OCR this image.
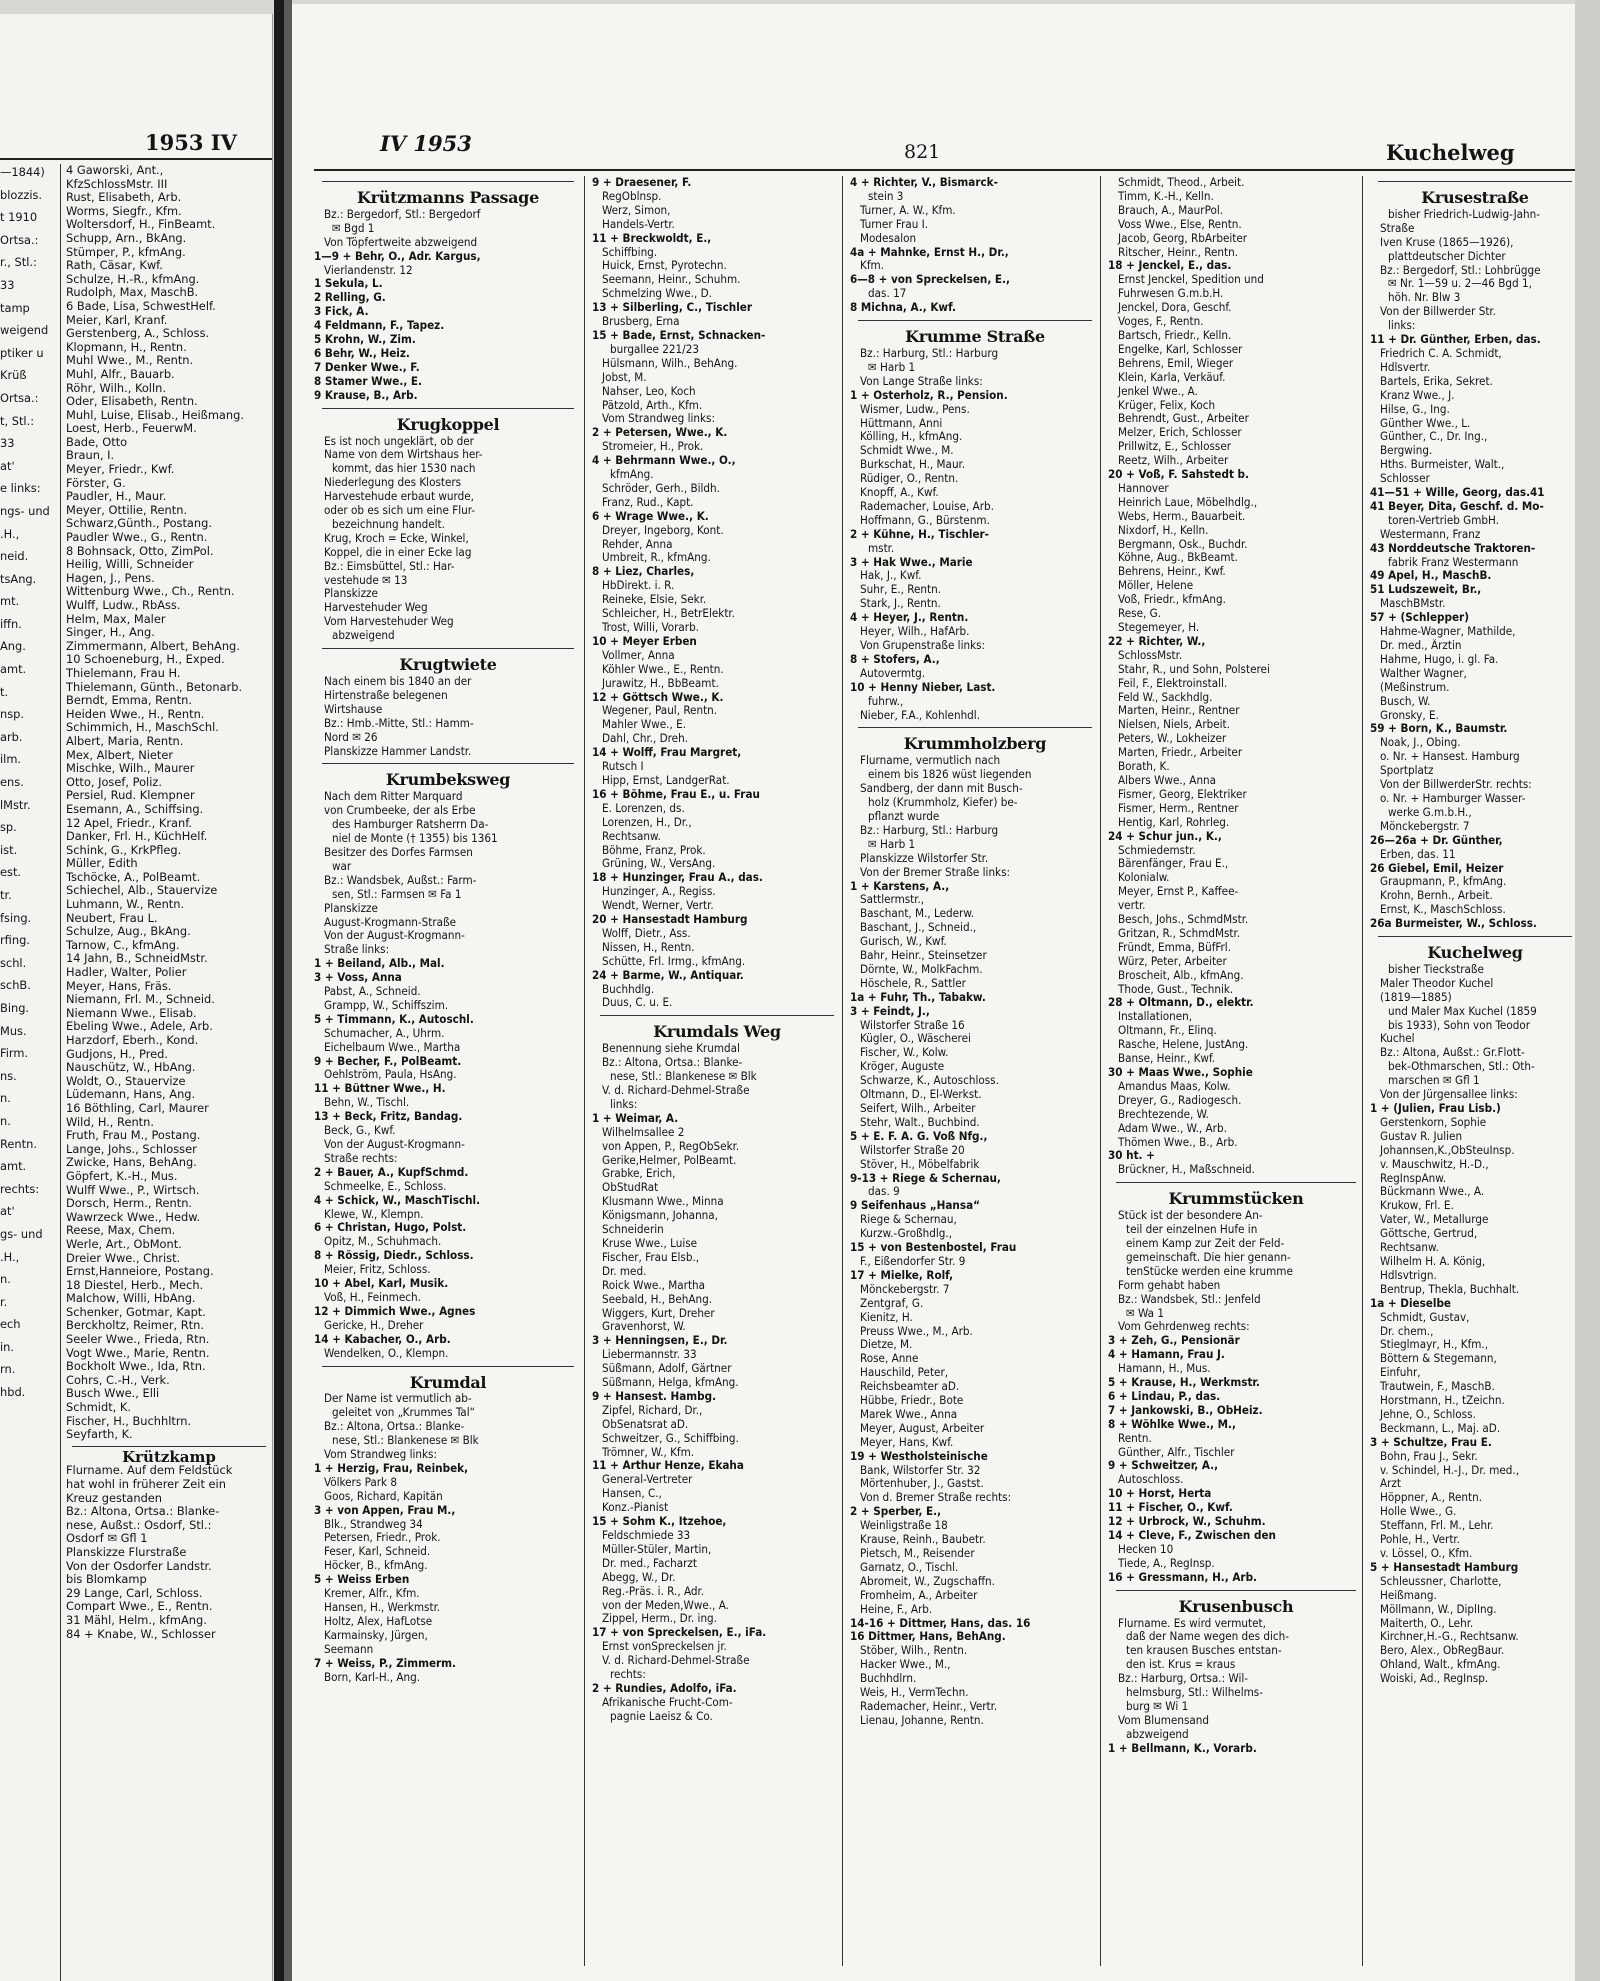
1953 IV
—1844)
blozzis.
t 1910
Ortsa.:
r., Stl.:
33
tamp
weigend
ptiker u
Krüß
Ortsa.:
t, Stl.:
33
at'
e links:
ngs- und
.H.,
neid.
tsAng.
mt.
iffn.
Ang.
amt.
t.
nsp.
arb.
ilm.
ens.
lMstr.
sp.
ist.
est.
tr.
fsing.
rfing.
schl.
schB.
Bing.
Mus.
Firm.
ns.
n.
n.
Rentn.
amt.
rechts:
at'
gs- und
.H.,
n.
r.
ech
in.
rn.
hbd.
4 Gaworski, Ant.,
KfzSchlossMstr. III
Rust, Elisabeth, Arb.
Worms, Siegfr., Kfm.
Woltersdorf, H., FinBeamt.
Schupp, Arn., BkAng.
Stümper, P., kfmAng.
Rath, Cäsar, Kwf.
Schulze, H.-R., kfmAng.
Rudolph, Max, MaschB.
6 Bade, Lisa, SchwestHelf.
Meier, Karl, Kranf.
Gerstenberg, A., Schloss.
Klopmann, H., Rentn.
Muhl Wwe., M., Rentn.
Muhl, Alfr., Bauarb.
Röhr, Wilh., Kolln.
Oder, Elisabeth, Rentn.
Muhl, Luise, Elisab., Heißmang.
Loest, Herb., FeuerwM.
Bade, Otto
Braun, I.
Meyer, Friedr., Kwf.
Förster, G.
Paudler, H., Maur.
Meyer, Ottilie, Rentn.
Schwarz,Günth., Postang.
Paudler Wwe., G., Rentn.
8 Bohnsack, Otto, ZimPol.
Heilig, Willi, Schneider
Hagen, J., Pens.
Wittenburg Wwe., Ch., Rentn.
Wulff, Ludw., RbAss.
Helm, Max, Maler
Singer, H., Ang.
Zimmermann, Albert, BehAng.
10 Schoeneburg, H., Exped.
Thielemann, Frau H.
Thielemann, Günth., Betonarb.
Berndt, Emma, Rentn.
Heiden Wwe., H., Rentn.
Schimmich, H., MaschSchl.
Albert, Maria, Rentn.
Mex, Albert, Nieter
Mischke, Wilh., Maurer
Otto, Josef, Poliz.
Persiel, Rud. Klempner
Esemann, A., Schiffsing.
12 Apel, Friedr., Kranf.
Danker, Frl. H., KüchHelf.
Schink, G., KrkPfleg.
Müller, Edith
Tschöcke, A., PolBeamt.
Schiechel, Alb., Stauervize
Luhmann, W., Rentn.
Neubert, Frau L.
Schulze, Aug., BkAng.
Tarnow, C., kfmAng.
14 Jahn, B., SchneidMstr.
Hadler, Walter, Polier
Meyer, Hans, Fräs.
Niemann, Frl. M., Schneid.
Niemann Wwe., Elisab.
Ebeling Wwe., Adele, Arb.
Harzdorf, Eberh., Kond.
Gudjons, H., Pred.
Nauschütz, W., HbAng.
Woldt, O., Stauervize
Lüdemann, Hans, Ang.
16 Böthling, Carl, Maurer
Wild, H., Rentn.
Fruth, Frau M., Postang.
Lange, Johs., Schlosser
Zwicke, Hans, BehAng.
Göpfert, K.-H., Mus.
Wulff Wwe., P., Wirtsch.
Dorsch, Herm., Rentn.
Wawrzeck Wwe., Hedw.
Reese, Max, Chem.
Werle, Art., ObMont.
Dreier Wwe., Christ.
Ernst,Hanneiore, Postang.
18 Diestel, Herb., Mech.
Malchow, Willi, HbAng.
Schenker, Gotmar, Kapt.
Berckholtz, Reimer, Rtn.
Seeler Wwe., Frieda, Rtn.
Vogt Wwe., Marie, Rentn.
Bockholt Wwe., Ida, Rtn.
Cohrs, C.-H., Verk.
Busch Wwe., Elli
Schmidt, K.
Fischer, H., Buchhltrn.
Seyfarth, K.
Krützkamp
Flurname. Auf dem Feldstück
hat wohl in früherer Zeit ein
Kreuz gestanden
Bz.: Altona, Ortsa.: Blanke-
nese, Außst.: Osdorf, Stl.:
Osdorf ✉ Gfl 1
Planskizze Flurstraße
Von der Osdorfer Landstr.
bis Blomkamp
29 Lange, Carl, Schloss.
Compart Wwe., E., Rentn.
31 Mähl, Helm., kfmAng.
84 + Knabe, W., Schlosser
IV 1953	821	Kuchelweg
Krützmanns Passage
Bz.: Bergedorf, Stl.: Bergedorf
✉ Bgd 1
Von Töpfertweite abzweigend
1—9 + Behr, O., Adr. Kargus,
Vierlandenstr. 12
1 Sekula, L.
2 Relling, G.
3 Fick, A.
4 Feldmann, F., Tapez.
5 Krohn, W., Zim.
6 Behr, W., Heiz.
7 Denker Wwe., F.
8 Stamer Wwe., E.
9 Krause, B., Arb.
Krugkoppel
Es ist noch ungeklärt, ob der
Name von dem Wirtshaus her-
kommt, das hier 1530 nach
Niederlegung des Klosters
Harvestehude erbaut wurde,
oder ob es sich um eine Flur-
bezeichnung handelt.
Krug, Kroch = Ecke, Winkel,
Koppel, die in einer Ecke lag
Bz.: Eimsbüttel, Stl.: Har-
vestehude ✉ 13
Planskizze
Harvestehuder Weg
Vom Harvestehuder Weg
abzweigend
Krugtwiete
Nach einem bis 1840 an der
Hirtenstraße belegenen
Wirtshause
Bz.: Hmb.-Mitte, Stl.: Hamm-
Nord ✉ 26
Planskizze Hammer Landstr.
Krumbeksweg
Nach dem Ritter Marquard
von Crumbeeke, der als Erbe
des Hamburger Ratsherrn Da-
niel de Monte († 1355) bis 1361
Besitzer des Dorfes Farmsen
war
Bz.: Wandsbek, Außst.: Farm-
sen, Stl.: Farmsen ✉ Fa 1
Planskizze
August-Krogmann-Straße
Von der August-Krogmann-
Straße links:
1 + Beiland, Alb., Mal.
3 + Voss, Anna
Pabst, A., Schneid.
Grampp, W., Schiffszim.
5 + Timmann, K., Autoschl.
Schumacher, A., Uhrm.
Eichelbaum Wwe., Martha
9 + Becher, F., PolBeamt.
Oehlström, Paula, HsAng.
11 + Büttner Wwe., H.
Behn, W., Tischl.
13 + Beck, Fritz, Bandag.
Beck, G., Kwf.
Von der August-Krogmann-
Straße rechts:
2 + Bauer, A., KupfSchmd.
Schmeelke, E., Schloss.
4 + Schick, W., MaschTischl.
Klewe, W., Klempn.
6 + Christan, Hugo, Polst.
Opitz, M., Schuhmach.
8 + Rössig, Diedr., Schloss.
Meier, Fritz, Schloss.
10 + Abel, Karl, Musik.
Voß, H., Feinmech.
12 + Dimmich Wwe., Agnes
Gericke, H., Dreher
14 + Kabacher, O., Arb.
Wendelken, O., Klempn.
Krumdal
Der Name ist vermutlich ab-
geleitet von „Krummes Tal“
Bz.: Altona, Ortsa.: Blanke-
nese, Stl.: Blankenese ✉ Blk
Vom Strandweg links:
1 + Herzig, Frau, Reinbek,
Völkers Park 8
Goos, Richard, Kapitän
3 + von Appen, Frau M.,
Blk., Strandweg 34
Petersen, Friedr., Prok.
Feser, Karl, Schneid.
Höcker, B., kfmAng.
5 + Weiss Erben
Kremer, Alfr., Kfm.
Hansen, H., Werkmstr.
Holtz, Alex, HafLotse
Karmainsky, Jürgen,
Seemann
7 + Weiss, P., Zimmerm.
Born, Karl-H., Ang.
9 + Draesener, F.
RegOblnsp.
Werz, Simon,
Handels-Vertr.
11 + Breckwoldt, E.,
Schiffbing.
Huick, Ernst, Pyrotechn.
Seemann, Heinr., Schuhm.
Schmelzing Wwe., D.
13 + Silberling, C., Tischler
Brusberg, Erna
15 + Bade, Ernst, Schnacken-
burgallee 221/23
Hülsmann, Wilh., BehAng.
Jobst, M.
Nahser, Leo, Koch
Pätzold, Arth., Kfm.
Vom Strandweg links:
2 + Petersen, Wwe., K.
Stromeier, H., Prok.
4 + Behrmann Wwe., O.,
kfmAng.
Schröder, Gerh., Bildh.
Franz, Rud., Kapt.
6 + Wrage Wwe., K.
Dreyer, Ingeborg, Kont.
Rehder, Anna
Umbreit, R., kfmAng.
8 + Liez, Charles,
HbDirekt. i. R.
Reineke, Elsie, Sekr.
Schleicher, H., BetrElektr.
Trost, Willi, Vorarb.
10 + Meyer Erben
Vollmer, Anna
Köhler Wwe., E., Rentn.
Jurawitz, H., BbBeamt.
12 + Göttsch Wwe., K.
Wegener, Paul, Rentn.
Mahler Wwe., E.
Dahl, Chr., Dreh.
14 + Wolff, Frau Margret,
Rutsch I
Hipp, Ernst, LandgerRat.
16 + Böhme, Frau E., u. Frau
E. Lorenzen, ds.
Lorenzen, H., Dr.,
Rechtsanw.
Böhme, Franz, Prok.
Grüning, W., VersAng.
18 + Hunzinger, Frau A., das.
Hunzinger, A., Regiss.
Wendt, Werner, Vertr.
20 + Hansestadt Hamburg
Wolff, Dietr., Ass.
Nissen, H., Rentn.
Schütte, Frl. Irmg., kfmAng.
24 + Barme, W., Antiquar.
Buchhdlg.
Duus, C. u. E.
Krumdals Weg
Benennung siehe Krumdal
Bz.: Altona, Ortsa.: Blanke-
nese, Stl.: Blankenese ✉ Blk
V. d. Richard-Dehmel-Straße
links:
1 + Weimar, A.
Wilhelmsallee 2
von Appen, P., RegObSekr.
Gerike,Helmer, PolBeamt.
Grabke, Erich,
ObStudRat
Klusmann Wwe., Minna
Königsmann, Johanna,
Schneiderin
Kruse Wwe., Luise
Fischer, Frau Elsb.,
Dr. med.
Roick Wwe., Martha
Seebald, H., BehAng.
Wiggers, Kurt, Dreher
Gravenhorst, W.
3 + Henningsen, E., Dr.
Liebermannstr. 33
Süßmann, Adolf, Gärtner
Süßmann, Helga, kfmAng.
9 + Hansest. Hambg.
Zipfel, Richard, Dr.,
ObSenatsrat aD.
Schweitzer, G., Schiffbing.
Trömner, W., Kfm.
11 + Arthur Henze, Ekaha
General-Vertreter
Hansen, C.,
Konz.-Pianist
15 + Sohm K., Itzehoe,
Feldschmiede 33
Müller-Stüler, Martin,
Dr. med., Facharzt
Abegg, W., Dr.
Reg.-Präs. i. R., Adr.
von der Meden,Wwe., A.
Zippel, Herm., Dr. ing.
17 + von Spreckelsen, E., iFa.
Ernst vonSpreckelsen jr.
V. d. Richard-Dehmel-Straße
rechts:
2 + Rundies, Adolfo, iFa.
Afrikanische Frucht-Com-
pagnie Laeisz & Co.
4 + Richter, V., Bismarck-
stein 3
Turner, A. W., Kfm.
Turner Frau I.
Modesalon
4a + Mahnke, Ernst H., Dr.,
Kfm.
6—8 + von Spreckelsen, E.,
das. 17
8 Michna, A., Kwf.
Krumme Straße
Bz.: Harburg, Stl.: Harburg
✉ Harb 1
Von Lange Straße links:
1 + Osterholz, R., Pension.
Wismer, Ludw., Pens.
Hüttmann, Anni
Kölling, H., kfmAng.
Schmidt Wwe., M.
Burkschat, H., Maur.
Rüdiger, O., Rentn.
Knopff, A., Kwf.
Rademacher, Louise, Arb.
Hoffmann, G., Bürstenm.
2 + Kühne, H., Tischler-
mstr.
3 + Hak Wwe., Marie
Hak, J., Kwf.
Suhr, E., Rentn.
Stark, J., Rentn.
4 + Heyer, J., Rentn.
Heyer, Wilh., HafArb.
Von Grupenstraße links:
8 + Stofers, A.,
Autovermtg.
10 + Henny Nieber, Last.
fuhrw.,
Nieber, F.A., Kohlenhdl.
Krummholzberg
Flurname, vermutlich nach
einem bis 1826 wüst liegenden
Sandberg, der dann mit Busch-
holz (Krummholz, Kiefer) be-
pflanzt wurde
Bz.: Harburg, Stl.: Harburg
✉ Harb 1
Planskizze Wilstorfer Str.
Von der Bremer Straße links:
1 + Karstens, A.,
Sattlermstr.,
Baschant, M., Lederw.
Baschant, J., Schneid.,
Gurisch, W., Kwf.
Bahr, Heinr., Steinsetzer
Dörnte, W., MolkFachm.
Höschele, R., Sattler
1a + Fuhr, Th., Tabakw.
3 + Feindt, J.,
Wilstorfer Straße 16
Kügler, O., Wäscherei
Fischer, W., Kolw.
Kröger, Auguste
Schwarze, K., Autoschloss.
Oltmann, D., El-Werkst.
Seifert, Wilh., Arbeiter
Stehr, Walt., Buchbind.
5 + E. F. A. G. Voß Nfg.,
Wilstorfer Straße 20
Stöver, H., Möbelfabrik
9-13 + Riege & Schernau,
das. 9
9 Seifenhaus „Hansa“
Riege & Schernau,
Kurzw.-Großhdlg.,
15 + von Bestenbostel, Frau
F., Eißendorfer Str. 9
17 + Mielke, Rolf,
Mönckebergstr. 7
Zentgraf, G.
Kienitz, H.
Preuss Wwe., M., Arb.
Dietze, M.
Rose, Anne
Hauschild, Peter,
Reichsbeamter aD.
Hübbe, Friedr., Bote
Marek Wwe., Anna
Meyer, August, Arbeiter
Meyer, Hans, Kwf.
19 + Westholsteinische
Bank, Wilstorfer Str. 32
Mörtenhuber, J., Gastst.
Von d. Bremer Straße rechts:
2 + Sperber, E.,
Weinligstraße 18
Krause, Reinh., Baubetr.
Pietsch, M., Reisender
Garnatz, O., Tischl.
Abromeit, W., Zugschaffn.
Fromheim, A., Arbeiter
Heine, F., Arb.
14-16 + Dittmer, Hans, das. 16
16 Dittmer, Hans, BehAng.
Stöber, Wilh., Rentn.
Hacker Wwe., M.,
Buchhdlrn.
Weis, H., VermTechn.
Rademacher, Heinr., Vertr.
Lienau, Johanne, Rentn.
Schmidt, Theod., Arbeit.
Timm, K.-H., Kelln.
Brauch, A., MaurPol.
Voss Wwe., Else, Rentn.
Jacob, Georg, RbArbeiter
Ritscher, Heinr., Rentn.
18 + Jenckel, E., das.
Ernst Jenckel, Spedition und
Fuhrwesen G.m.b.H.
Jenckel, Dora, Geschf.
Voges, F., Rentn.
Bartsch, Friedr., Kelln.
Engelke, Karl, Schlosser
Behrens, Emil, Wieger
Klein, Karla, Verkäuf.
Jenkel Wwe., A.
Krüger, Felix, Koch
Behrendt, Gust., Arbeiter
Melzer, Erich, Schlosser
Prillwitz, E., Schlosser
Reetz, Wilh., Arbeiter
20 + Voß, F. Sahstedt b.
Hannover
Heinrich Laue, Möbelhdlg.,
Webs, Herm., Bauarbeit.
Nixdorf, H., Kelln.
Bergmann, Osk., Buchdr.
Köhne, Aug., BkBeamt.
Behrens, Heinr., Kwf.
Möller, Helene
Voß, Friedr., kfmAng.
Rese, G.
Stegemeyer, H.
22 + Richter, W.,
SchlossMstr.
Stahr, R., und Sohn, Polsterei
Feil, F., Elektroinstall.
Feld W., Sackhdlg.
Marten, Heinr., Rentner
Nielsen, Niels, Arbeit.
Peters, W., Lokheizer
Marten, Friedr., Arbeiter
Borath, K.
Albers Wwe., Anna
Fismer, Georg, Elektriker
Fismer, Herm., Rentner
Hentig, Karl, Rohrleg.
24 + Schur jun., K.,
Schmiedemstr.
Bärenfänger, Frau E.,
Kolonialw.
Meyer, Ernst P., Kaffee-
vertr.
Besch, Johs., SchmdMstr.
Gritzan, R., SchmdMstr.
Fründt, Emma, BüfFrl.
Würz, Peter, Arbeiter
Broscheit, Alb., kfmAng.
Thode, Gust., Technik.
28 + Oltmann, D., elektr.
Installationen,
Oltmann, Fr., Elinq.
Rasche, Helene, JustAng.
Banse, Heinr., Kwf.
30 + Maas Wwe., Sophie
Amandus Maas, Kolw.
Dreyer, G., Radiogesch.
Brechtezende, W.
Adam Wwe., W., Arb.
Thömen Wwe., B., Arb.
30 ht. +
Brückner, H., Maßschneid.
Krummstücken
Stück ist der besondere An-
teil der einzelnen Hufe in
einem Kamp zur Zeit der Feld-
gemeinschaft. Die hier genann-
tenStücke werden eine krumme
Form gehabt haben
Bz.: Wandsbek, Stl.: Jenfeld
✉ Wa 1
Vom Gehrdenweg rechts:
3 + Zeh, G., Pensionär
4 + Hamann, Frau J.
Hamann, H., Mus.
5 + Krause, H., Werkmstr.
6 + Lindau, P., das.
7 + Jankowski, B., ObHeiz.
8 + Wöhlke Wwe., M.,
Rentn.
Günther, Alfr., Tischler
9 + Schweitzer, A.,
Autoschloss.
10 + Horst, Herta
11 + Fischer, O., Kwf.
12 + Urbrock, W., Schuhm.
14 + Cleve, F., Zwischen den
Hecken 10
Tiede, A., RegInsp.
16 + Gressmann, H., Arb.
Krusenbusch
Flurname. Es wird vermutet,
daß der Name wegen des dich-
ten krausen Busches entstan-
den ist. Krus = kraus
Bz.: Harburg, Ortsa.: Wil-
helmsburg, Stl.: Wilhelms-
burg ✉ Wi 1
Vom Blumensand
abzweigend
1 + Bellmann, K., Vorarb.
Krusestraße
bisher Friedrich-Ludwig-Jahn-
Straße
Iven Kruse (1865—1926),
plattdeutscher Dichter
Bz.: Bergedorf, Stl.: Lohbrügge
✉ Nr. 1—59 u. 2—46 Bgd 1,
höh. Nr. Blw 3
Von der Billwerder Str.
links:
11 + Dr. Günther, Erben, das.
Friedrich C. A. Schmidt,
Hdlsvertr.
Bartels, Erika, Sekret.
Kranz Wwe., J.
Hilse, G., Ing.
Günther Wwe., L.
Günther, C., Dr. Ing.,
Bergwing.
Hths. Burmeister, Walt.,
Schlosser
41—51 + Wille, Georg, das.41
41 Beyer, Dita, Geschf. d. Mo-
toren-Vertrieb GmbH.
Westermann, Franz
43 Norddeutsche Traktoren-
fabrik Franz Westermann
49 Apel, H., MaschB.
51 Ludszeweit, Br.,
MaschBMstr.
57 + (Schlepper)
Hahme-Wagner, Mathilde,
Dr. med., Ärztin
Hahme, Hugo, i. gl. Fa.
Walther Wagner,
(Meßinstrum.
Busch, W.
Gronsky, E.
59 + Born, K., Baumstr.
Noak, J., Obing.
o. Nr. + Hansest. Hamburg
Sportplatz
Von der BillwerderStr. rechts:
o. Nr. + Hamburger Wasser-
werke G.m.b.H.,
Mönckebergstr. 7
26—26a + Dr. Günther,
Erben, das. 11
26 Giebel, Emil, Heizer
Graupmann, P., kfmAng.
Krohn, Bernh., Arbeit.
Ernst, K., MaschSchloss.
26a Burmeister, W., Schloss.
Kuchelweg
bisher Tieckstraße
Maler Theodor Kuchel
(1819—1885)
und Maler Max Kuchel (1859
bis 1933), Sohn von Teodor
Kuchel
Bz.: Altona, Außst.: Gr.Flott-
bek-Othmarschen, Stl.: Oth-
marschen ✉ Gfl 1
Von der Jürgensallee links:
1 + (Julien, Frau Lisb.)
Gerstenkorn, Sophie
Gustav R. Julien
Johannsen,K.,ObSteuInsp.
v. Mauschwitz, H.-D.,
RegInspAnw.
Bückmann Wwe., A.
Krukow, Frl. E.
Vater, W., Metallurge
Göttsche, Gertrud,
Rechtsanw.
Wilhelm H. A. König,
Hdlsvtrign.
Bentrup, Thekla, Buchhalt.
1a + Dieselbe
Schmidt, Gustav,
Dr. chem.,
Stieglmayr, H., Kfm.,
Böttern & Stegemann,
Einfuhr,
Trautwein, F., MaschB.
Horstmann, H., tZeichn.
Jehne, O., Schloss.
Beckmann, L., Maj. aD.
3 + Schultze, Frau E.
Bohn, Frau J., Sekr.
v. Schindel, H.-J., Dr. med.,
Arzt
Höppner, A., Rentn.
Holle Wwe., G.
Steffann, Frl. M., Lehr.
Pohle, H., Vertr.
v. Lössel, O., Kfm.
5 + Hansestadt Hamburg
Schleussner, Charlotte,
Heißmang.
Möllmann, W., DiplIng.
Maiterth, O., Lehr.
Kirchner,H.-G., Rechtsanw.
Bero, Alex., ObRegBaur.
Ohland, Walt., kfmAng.
Woiski, Ad., RegInsp.
